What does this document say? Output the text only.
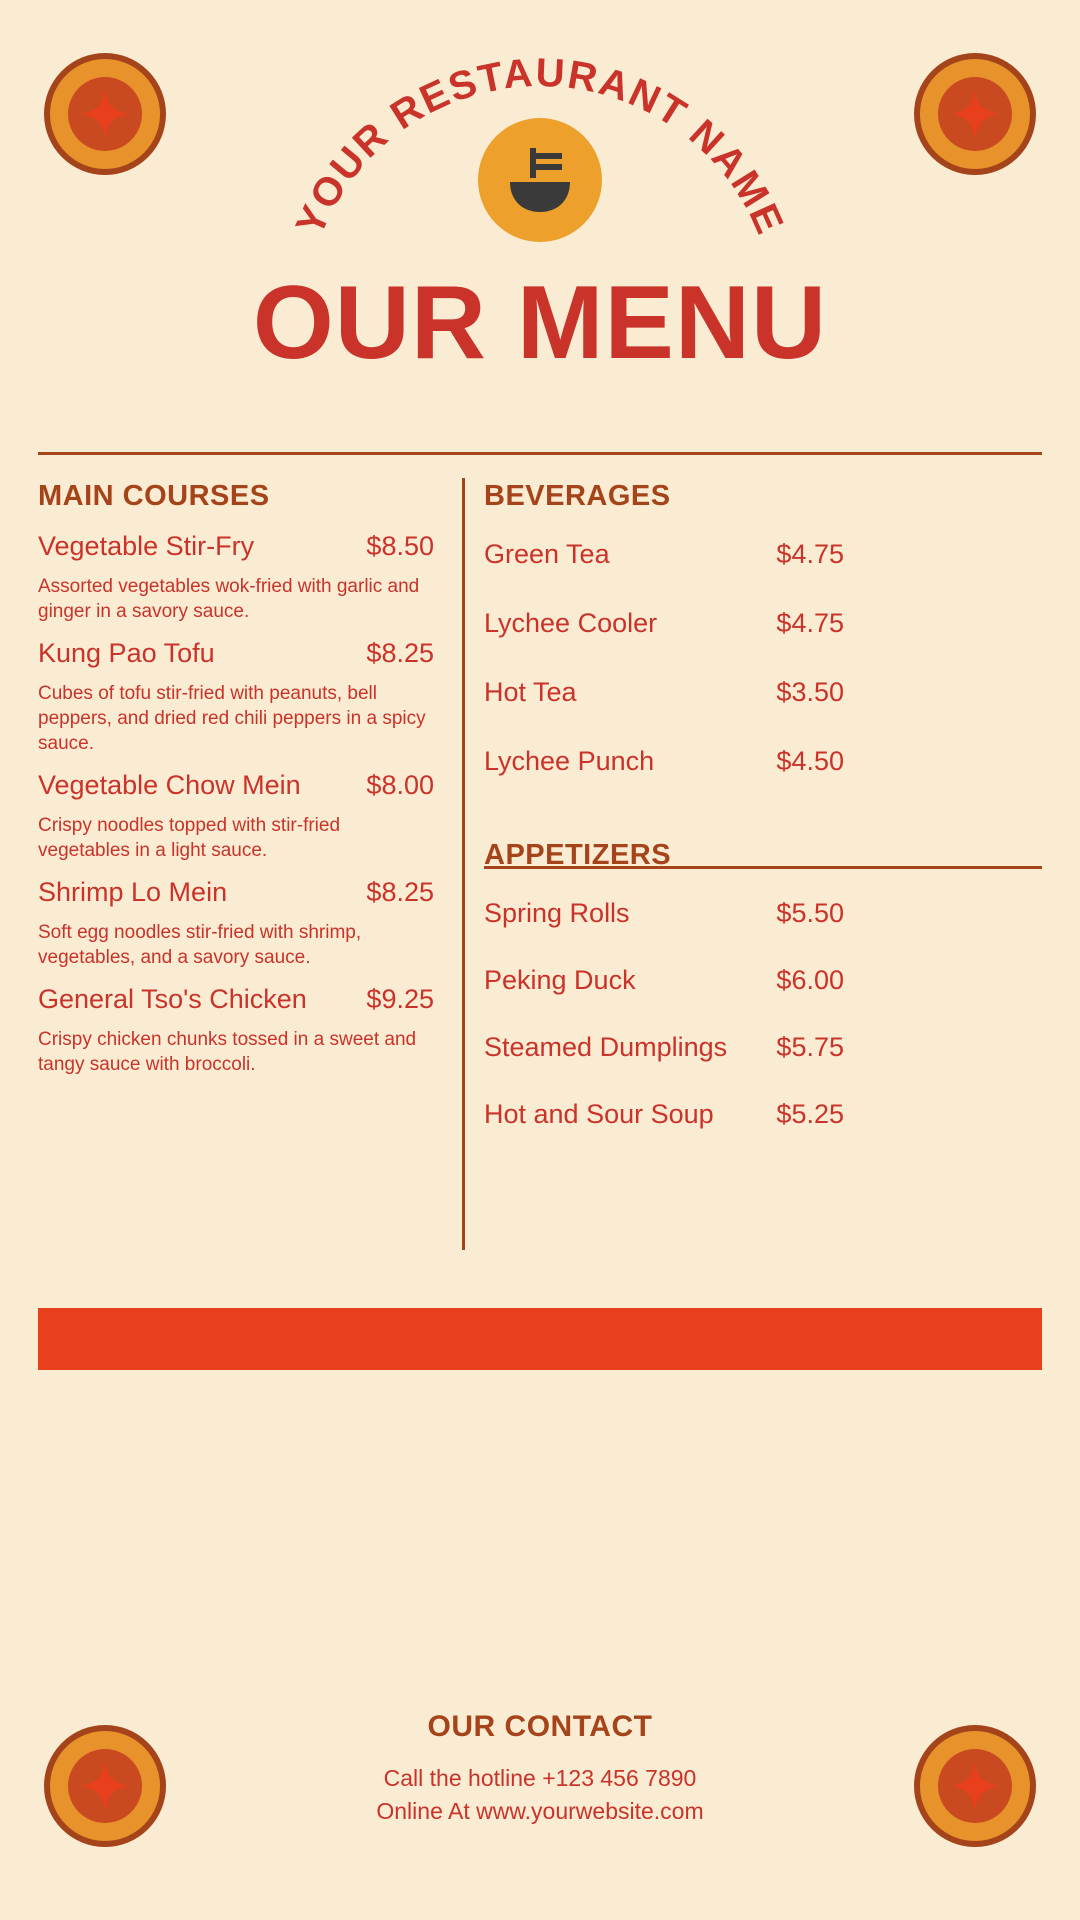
YOUR RESTAURANT NAME
OUR MENU
MAIN COURSES
Vegetable Stir-Fry	$8.50
Assorted vegetables wok-fried with garlic and ginger in a savory sauce.
Kung Pao Tofu	$8.25
Cubes of tofu stir-fried with peanuts, bell peppers, and dried red chili peppers in a spicy sauce.
Vegetable Chow Mein $8.00
Crispy noodles topped with stir-fried vegetables in a light sauce.
Shrimp Lo Mein	$8.25
Soft egg noodles stir-fried with shrimp, vegetables, and a savory sauce.
General Tso's Chicken $9.25
Crispy chicken chunks tossed in a sweet and tangy sauce with broccoli.
BEVERAGES
Green Tea	$4.75
Lychee Cooler	$4.75
Hot Tea	$3.50
Lychee Punch	$4.50
APPETIZERS
Spring Rolls	$5.50
Peking Duck	$6.00
Steamed Dumplings $5.75
Hot and Sour Soup $5.25
OUR CONTACT
Call the hotline +123 456 7890
Online At www.yourwebsite.com
